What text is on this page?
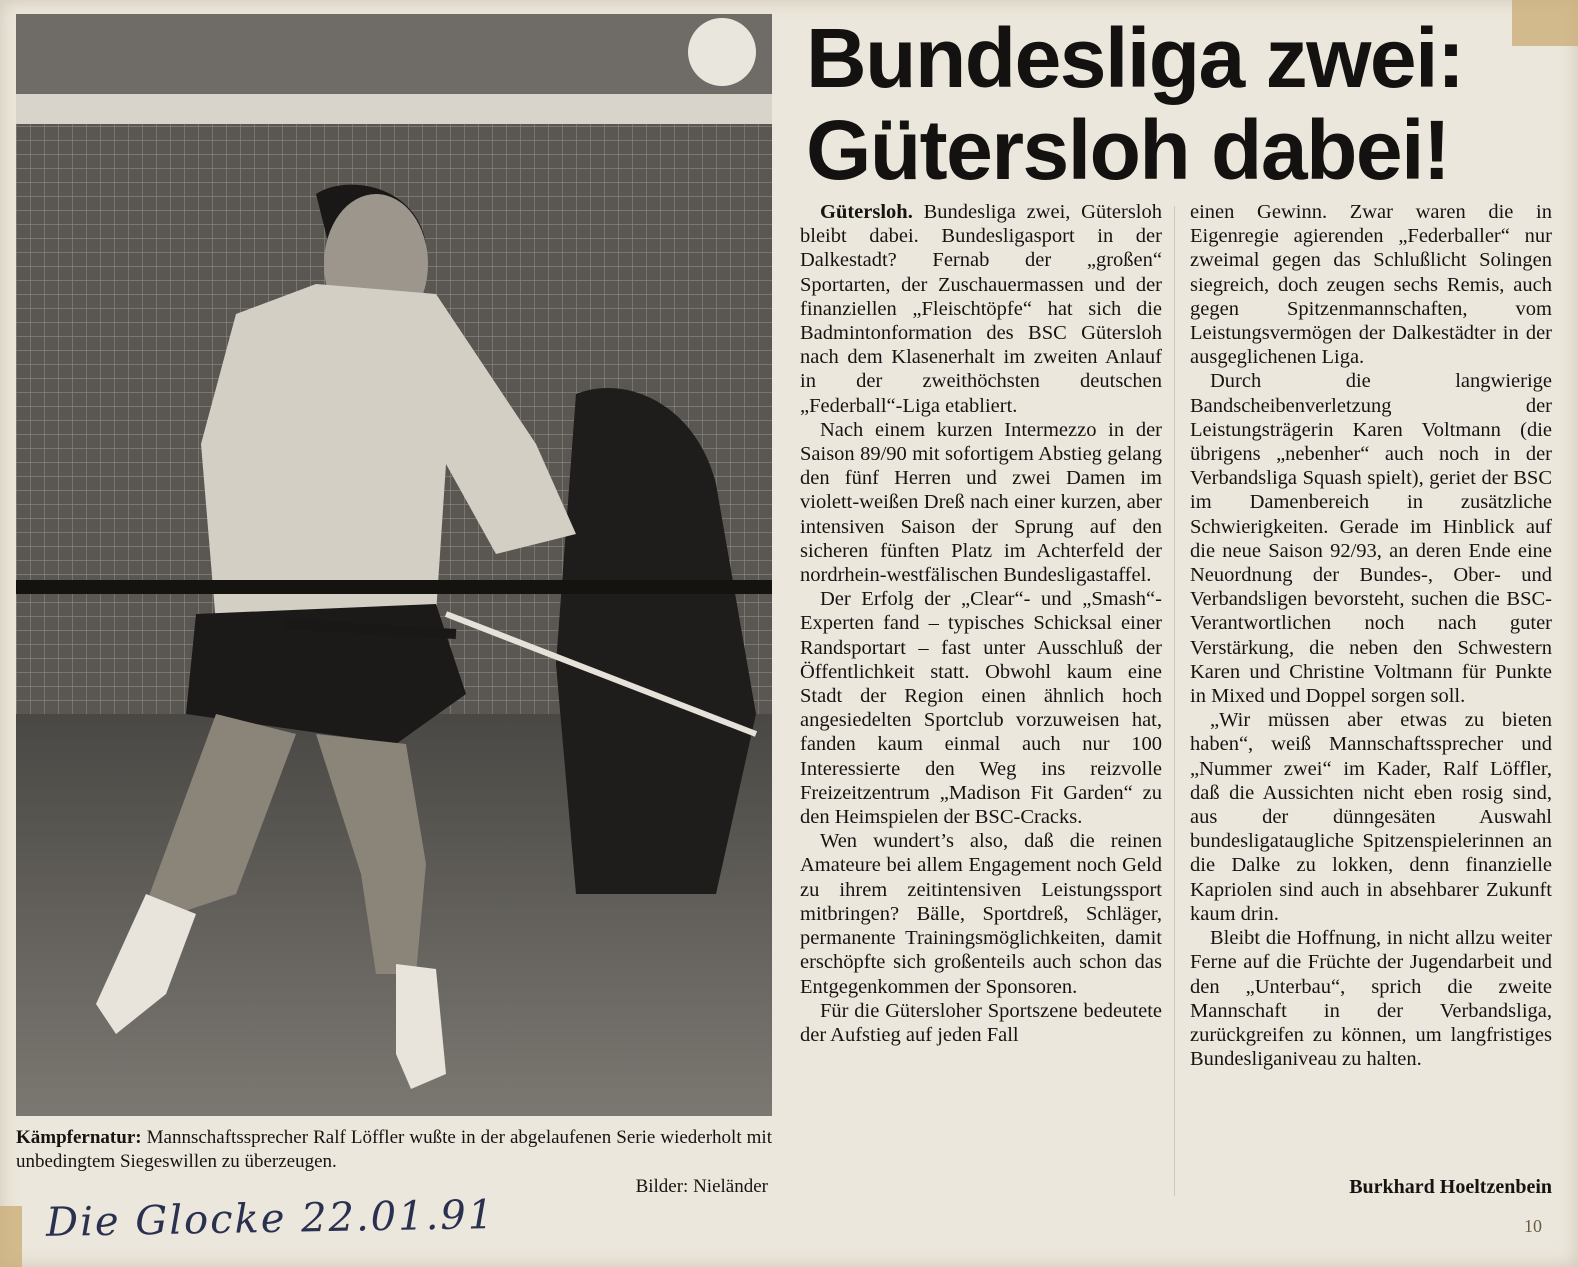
Kämpfernatur: Mannschaftssprecher Ralf Löffler wußte in der abgelaufenen Serie wiederholt mit unbedingtem Siegeswillen zu überzeugen.
Bilder: Nieländer
Die Glocke 22.01.91
Bundesliga zwei:
Gütersloh dabei!

Gütersloh. Bundesliga zwei, Gütersloh bleibt dabei. Bundesligasport in der Dalkestadt? Fernab der „großen“ Sportarten, der Zuschauermassen und der finanziellen „Fleischtöpfe“ hat sich die Badmintonformation des BSC Gütersloh nach dem Klasenerhalt im zweiten Anlauf in der zweithöchsten deutschen „Federball“-Liga etabliert.

Nach einem kurzen Intermezzo in der Saison 89/90 mit sofortigem Abstieg gelang den fünf Herren und zwei Damen im violett-weißen Dreß nach einer kurzen, aber intensiven Saison der Sprung auf den sicheren fünften Platz im Achterfeld der nordrhein-westfälischen Bundesligastaffel.

Der Erfolg der „Clear“- und „Smash“-Experten fand – typisches Schicksal einer Randsportart – fast unter Ausschluß der Öffentlichkeit statt. Obwohl kaum eine Stadt der Region einen ähnlich hoch angesiedelten Sportclub vorzuweisen hat, fanden kaum einmal auch nur 100 Interessierte den Weg ins reizvolle Freizeitzentrum „Madison Fit Garden“ zu den Heimspielen der BSC-Cracks.

Wen wundert’s also, daß die reinen Amateure bei allem Engagement noch Geld zu ihrem zeitintensiven Leistungssport mitbringen? Bälle, Sportdreß, Schläger, permanente Trainingsmöglichkeiten, damit erschöpfte sich großenteils auch schon das Entgegenkommen der Sponsoren.

Für die Gütersloher Sportszene bedeutete der Aufstieg auf jeden Fall

einen Gewinn. Zwar waren die in Eigenregie agierenden „Federballer“ nur zweimal gegen das Schlußlicht Solingen siegreich, doch zeugen sechs Remis, auch gegen Spitzenmannschaften, vom Leistungsvermögen der Dalkestädter in der ausgeglichenen Liga.

Durch die langwierige Bandscheibenverletzung der Leistungsträgerin Karen Voltmann (die übrigens „nebenher“ auch noch in der Verbandsliga Squash spielt), geriet der BSC im Damenbereich in zusätzliche Schwierigkeiten. Gerade im Hinblick auf die neue Saison 92/93, an deren Ende eine Neuordnung der Bundes-, Ober- und Verbandsligen bevorsteht, suchen die BSC-Verantwortlichen noch nach guter Verstärkung, die neben den Schwestern Karen und Christine Voltmann für Punkte in Mixed und Doppel sorgen soll.

„Wir müssen aber etwas zu bieten haben“, weiß Mannschaftssprecher und „Nummer zwei“ im Kader, Ralf Löffler, daß die Aussichten nicht eben rosig sind, aus der dünngesäten Auswahl bundesligataugliche Spitzenspielerinnen an die Dalke zu lokken, denn finanzielle Kapriolen sind auch in absehbarer Zukunft kaum drin.

Bleibt die Hoffnung, in nicht allzu weiter Ferne auf die Früchte der Jugendarbeit und den „Unterbau“, sprich die zweite Mannschaft in der Verbandsliga, zurückgreifen zu können, um langfristiges Bundesliganiveau zu halten.

Burkhard Hoeltzenbein
10
